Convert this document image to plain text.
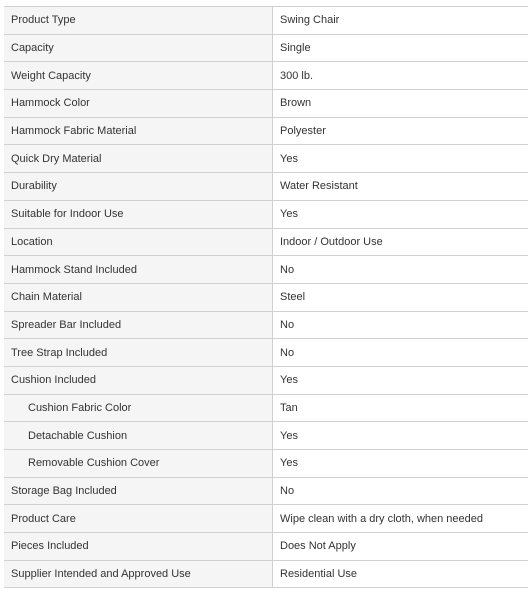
Product Type	Swing Chair
Capacity	Single
Weight Capacity	300 lb.
Hammock Color	Brown
Hammock Fabric Material	Polyester
Quick Dry Material	Yes
Durability	Water Resistant
Suitable for Indoor Use	Yes
Location	Indoor / Outdoor Use
Hammock Stand Included	No
Chain Material	Steel
Spreader Bar Included	No
Tree Strap Included	No
Cushion Included	Yes
Cushion Fabric Color	Tan
Detachable Cushion	Yes
Removable Cushion Cover	Yes
Storage Bag Included	No
Product Care	Wipe clean with a dry cloth, when needed
Pieces Included	Does Not Apply
Supplier Intended and Approved Use	Residential Use
